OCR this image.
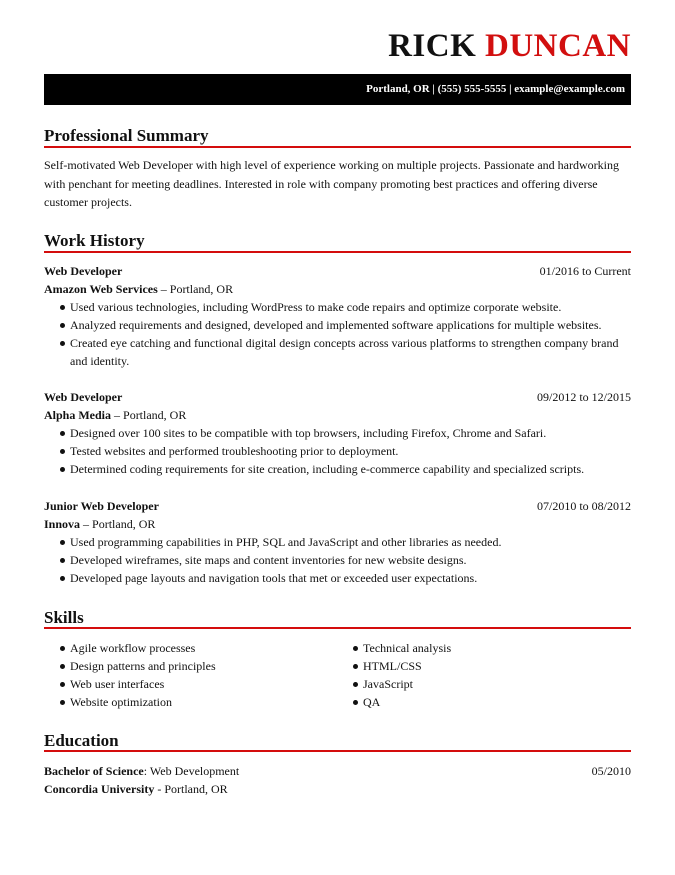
RICK DUNCAN
Portland, OR | (555) 555-5555 | example@example.com
Professional Summary
Self-motivated Web Developer with high level of experience working on multiple projects. Passionate and hardworking with penchant for meeting deadlines. Interested in role with company promoting best practices and offering diverse customer projects.
Work History
Web Developer	01/2016 to Current
Amazon Web Services – Portland, OR
Used various technologies, including WordPress to make code repairs and optimize corporate website.
Analyzed requirements and designed, developed and implemented software applications for multiple websites.
Created eye catching and functional digital design concepts across various platforms to strengthen company brand and identity.
Web Developer	09/2012 to 12/2015
Alpha Media – Portland, OR
Designed over 100 sites to be compatible with top browsers, including Firefox, Chrome and Safari.
Tested websites and performed troubleshooting prior to deployment.
Determined coding requirements for site creation, including e-commerce capability and specialized scripts.
Junior Web Developer	07/2010 to 08/2012
Innova – Portland, OR
Used programming capabilities in PHP, SQL and JavaScript and other libraries as needed.
Developed wireframes, site maps and content inventories for new website designs.
Developed page layouts and navigation tools that met or exceeded user expectations.
Skills
Agile workflow processes
Design patterns and principles
Web user interfaces
Website optimization
Technical analysis
HTML/CSS
JavaScript
QA
Education
Bachelor of Science: Web Development	05/2010
Concordia University - Portland, OR
